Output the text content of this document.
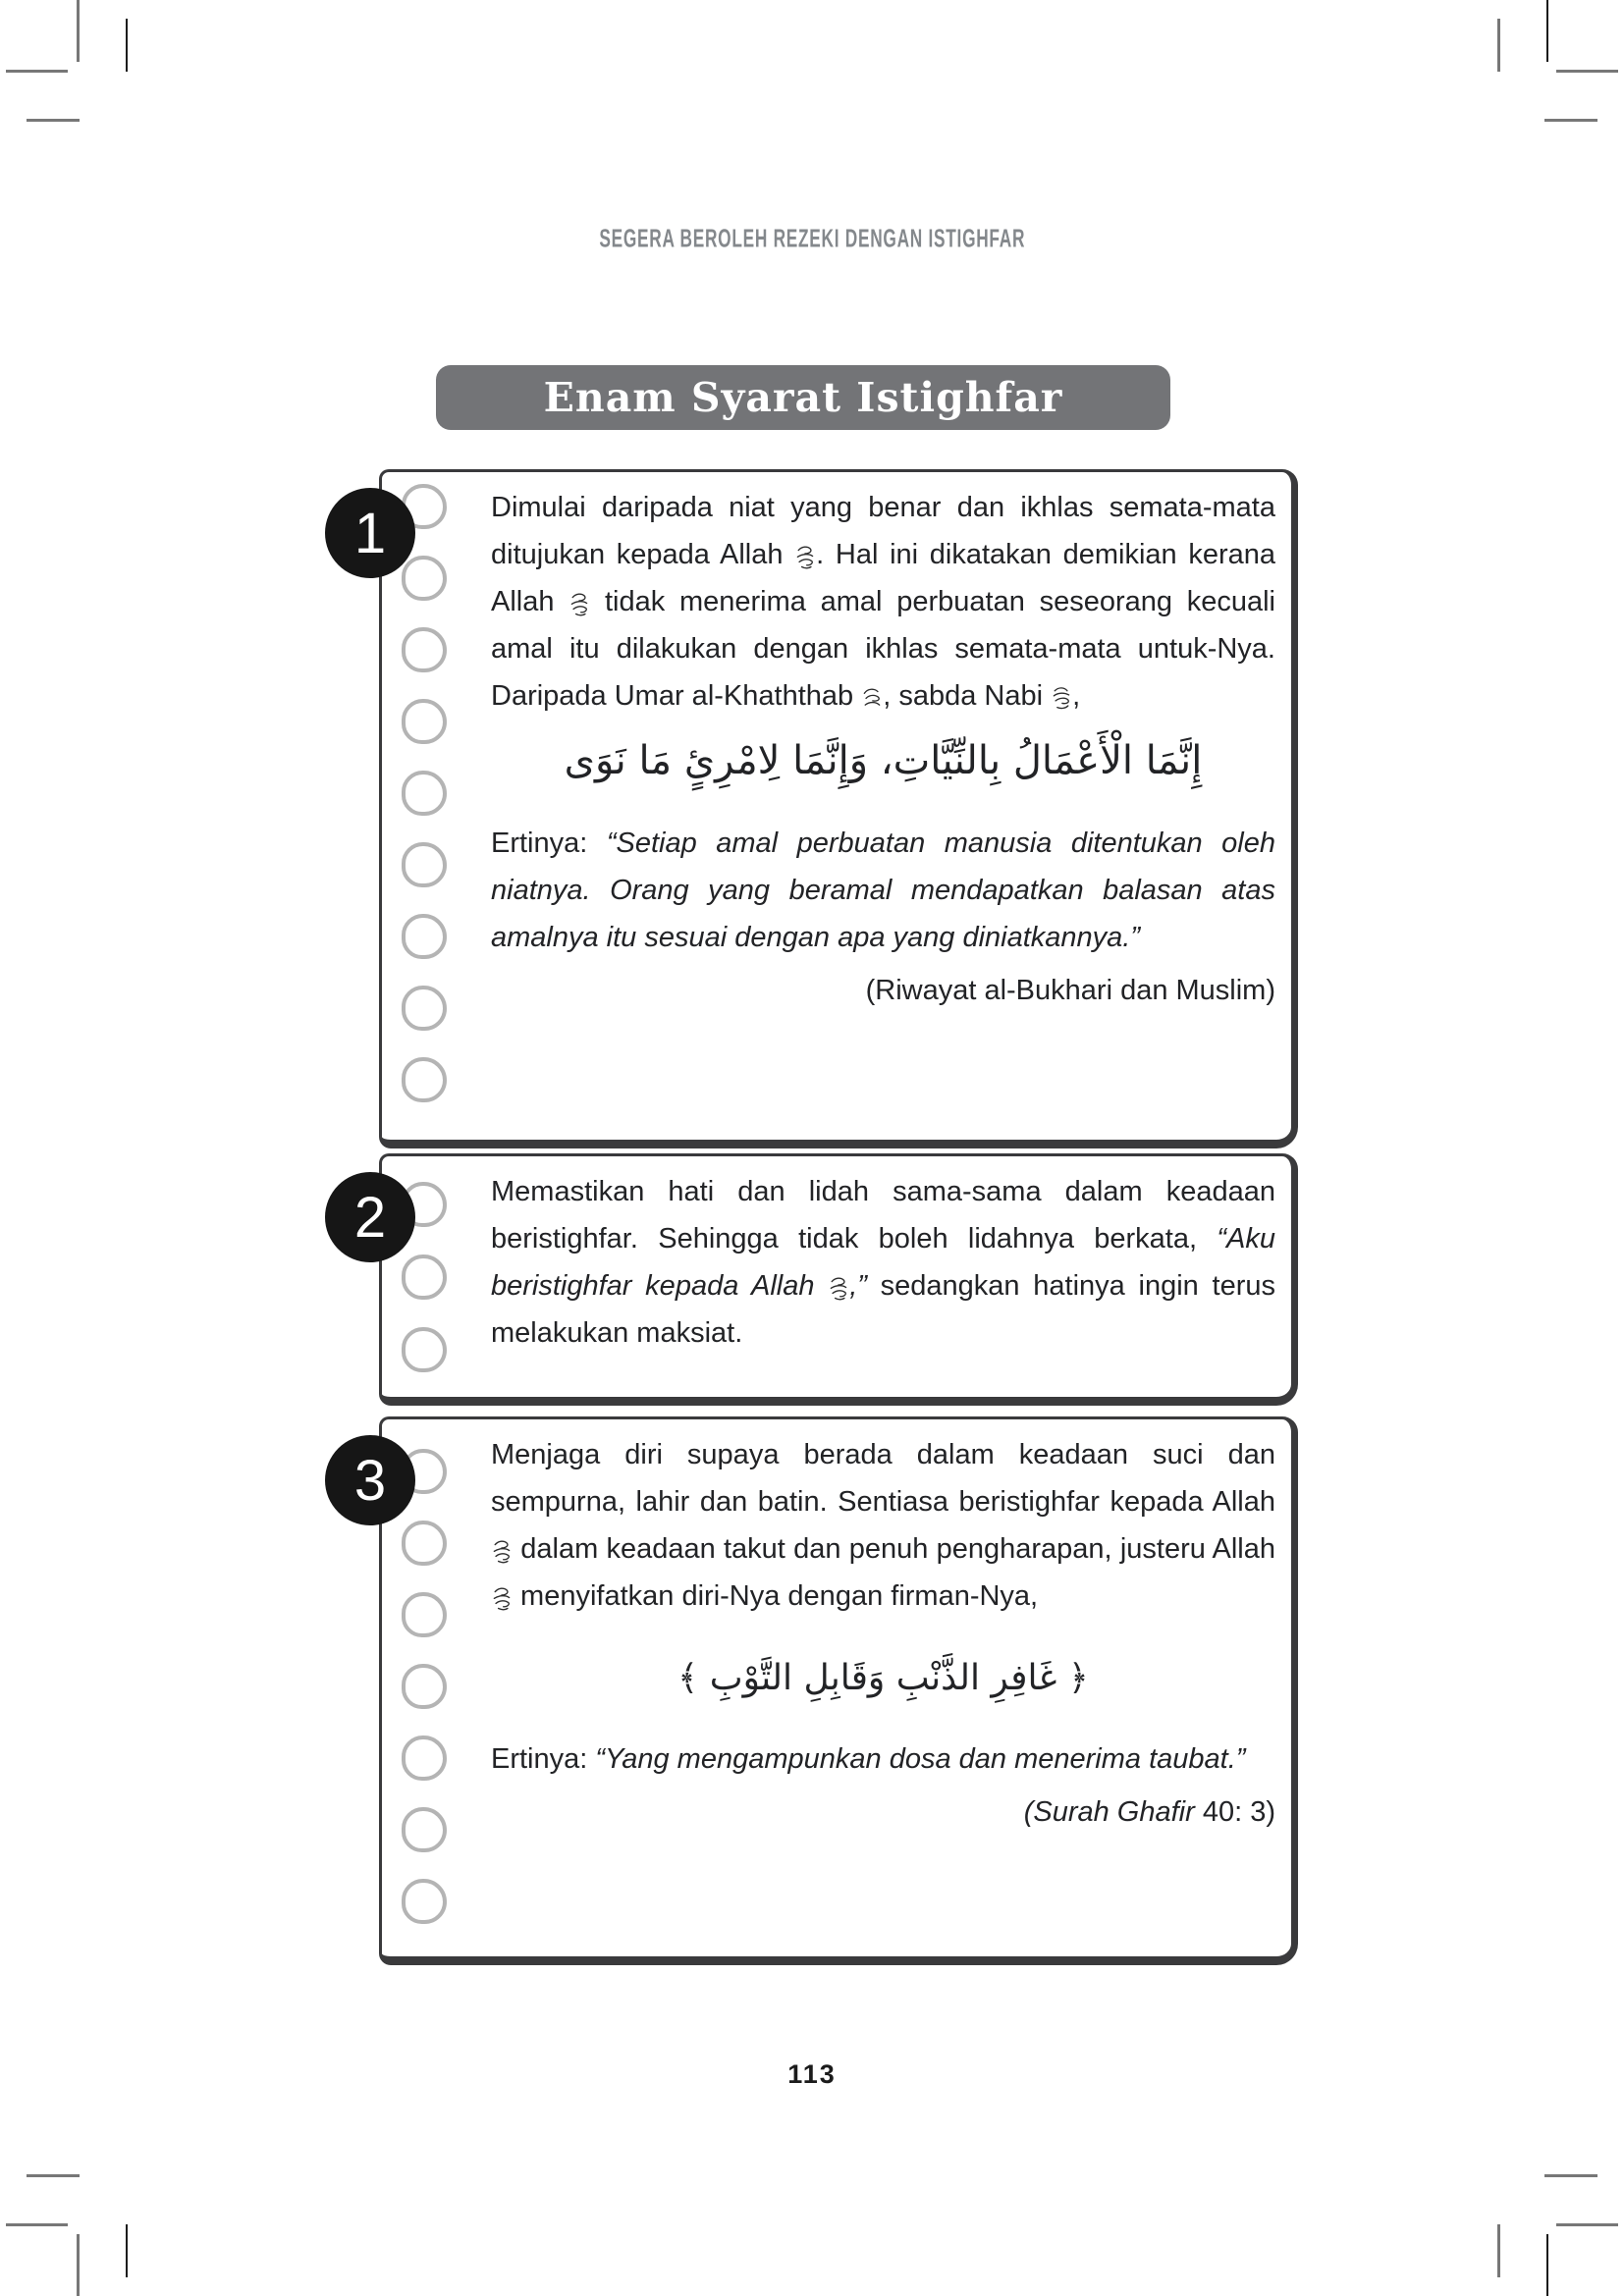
SEGERA BEROLEH REZEKI DENGAN ISTIGHFAR
Enam Syarat Istighfar
1	Dimulai daripada niat yang benar dan ikhlas semata-mata ditujukan kepada Allah . Hal ini dikatakan demikian kerana Allah  tidak menerima amal perbuatan seseorang kecuali amal itu dilakukan dengan ikhlas semata-mata untuk-Nya. Daripada Umar al-Khaththab , sabda Nabi ,

إِنَّمَا الْأَعْمَالُ بِالنِّيَّاتِ، وَإِنَّمَا لِامْرِئٍ مَا نَوَى

Ertinya: “Setiap amal perbuatan manusia ditentukan oleh niatnya. Orang yang beramal mendapatkan balasan atas amalnya itu sesuai dengan apa yang diniatkannya.”

(Riwayat al-Bukhari dan Muslim)

2	Memastikan hati dan lidah sama-sama dalam keadaan beristighfar. Sehingga tidak boleh lidahnya berkata, “Aku beristighfar kepada Allah ,” sedangkan hatinya ingin terus melakukan maksiat.

3	Menjaga diri supaya berada dalam keadaan suci dan sempurna, lahir dan batin. Sentiasa beristighfar kepada Allah  dalam keadaan takut dan penuh pengharapan, justeru Allah  menyifatkan diri-Nya dengan firman-Nya,

﴿ غَافِرِ الذَّنْبِ وَقَابِلِ التَّوْبِ ﴾

Ertinya: “Yang mengampunkan dosa dan menerima taubat.”

(Surah Ghafir 40: 3)

113
